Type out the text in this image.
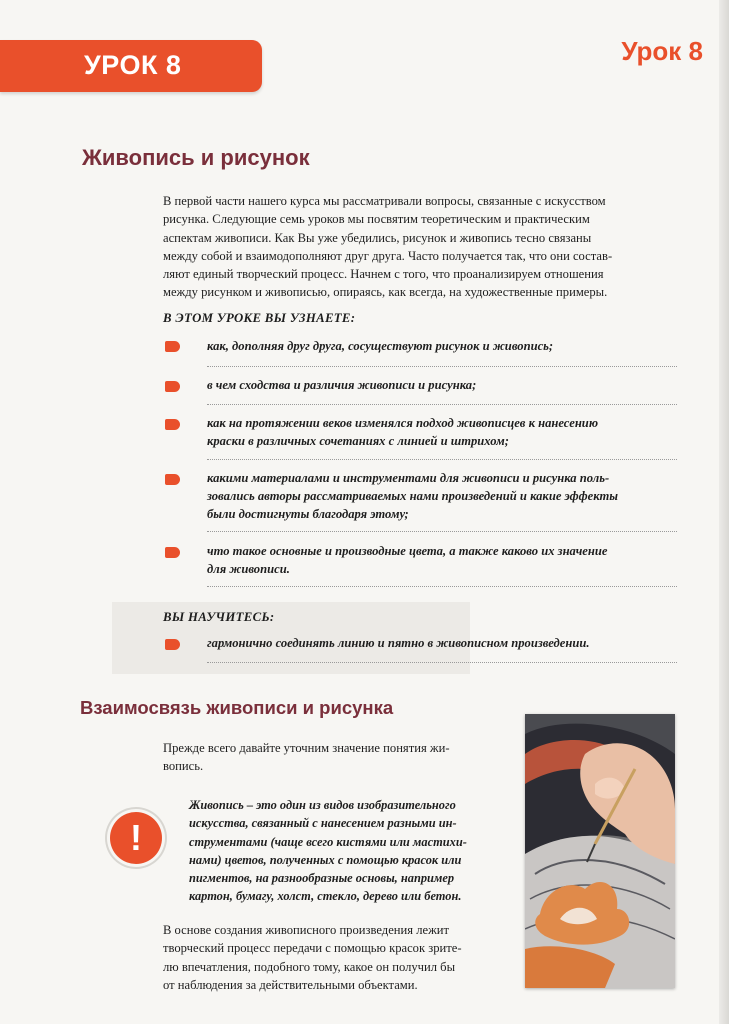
УРОК 8	Урок 8
Живопись и рисунок
В первой части нашего курса мы рассматривали вопросы, связанные с искусством
рисунка. Следующие семь уроков мы посвятим теоретическим и практическим
аспектам живописи. Как Вы уже убедились, рисунок и живопись тесно связаны
между собой и взаимодополняют друг друга. Часто получается так, что они состав-
ляют единый творческий процесс. Начнем с того, что проанализируем отношения
между рисунком и живописью, опираясь, как всегда, на художественные примеры.
В ЭТОМ УРОКЕ ВЫ УЗНАЕТЕ:
как, дополняя друг друга, сосуществуют рисунок и живопись;
в чем сходства и различия живописи и рисунка;
как на протяжении веков изменялся подход живописцев к нанесению
краски в различных сочетаниях с линией и штрихом;
какими материалами и инструментами для живописи и рисунка поль-
зовались авторы рассматриваемых нами произведений и какие эффекты
были достигнуты благодаря этому;
что такое основные и производные цвета, а также каково их значение
для живописи.
ВЫ НАУЧИТЕСЬ:
гармонично соединять линию и пятно в живописном произведении.
Взаимосвязь живописи и рисунка
Прежде всего давайте уточним значение понятия жи-
вопись.
!
Живопись – это один из видов изобразительного
искусства, связанный с нанесением разными ин-
струментами (чаще всего кистями или мастихи-
нами) цветов, полученных с помощью красок или
пигментов, на разнообразные основы, например
картон, бумагу, холст, стекло, дерево или бетон.
В основе создания живописного произведения лежит
творческий процесс передачи с помощью красок зрите-
лю впечатления, подобного тому, какое он получил бы
от наблюдения за действительными объектами.
